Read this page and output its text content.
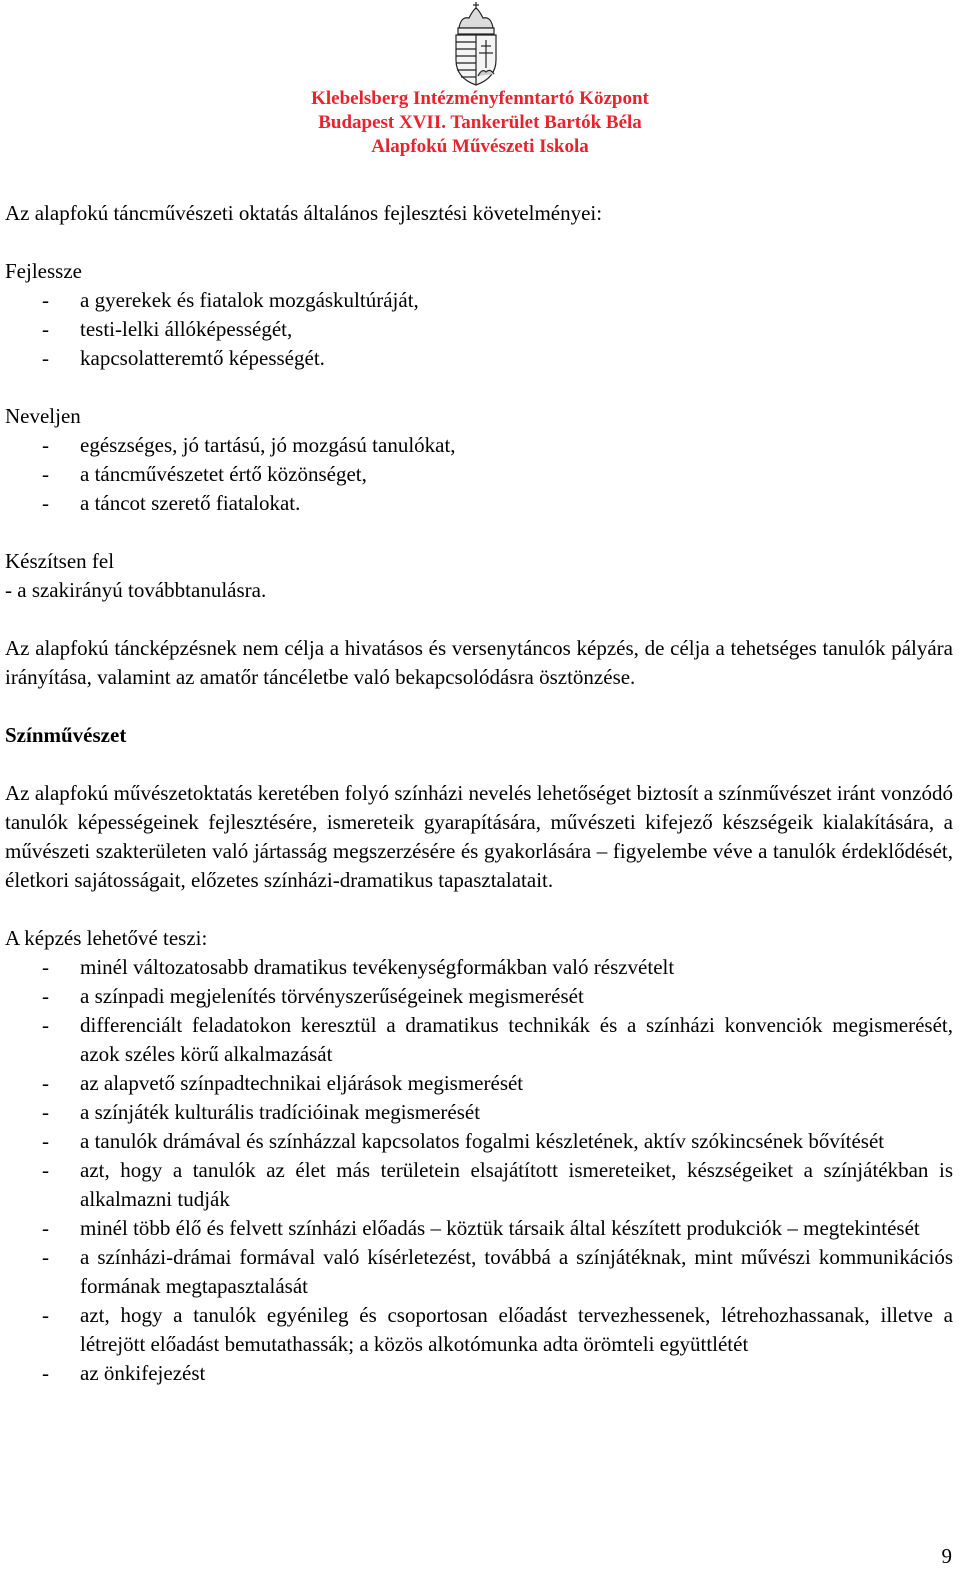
Klebelsberg Intézményfenntartó Központ
Budapest XVII. Tankerület Bartók Béla
Alapfokú Művészeti Iskola

Az alapfokú táncművészeti oktatás általános fejlesztési követelményei:

Fejlessze

- a gyerekek és fiatalok mozgáskultúráját,
- testi-lelki állóképességét,
- kapcsolatteremtő képességét.

Neveljen

- egészséges, jó tartású, jó mozgású tanulókat,
- a táncművészetet értő közönséget,
- a táncot szerető fiatalokat.

Készítsen fel

- a szakirányú továbbtanulásra.

Az alapfokú táncképzésnek nem célja a hivatásos és versenytáncos képzés, de célja a tehetséges tanulók pályára irányítása, valamint az amatőr táncéletbe való bekapcsolódásra ösztönzése.

Színművészet

Az alapfokú művészetoktatás keretében folyó színházi nevelés lehetőséget biztosít a színművészet iránt vonzódó tanulók képességeinek fejlesztésére, ismereteik gyarapítására, művészeti kifejező készségeik kialakítására, a művészeti szakterületen való jártasság megszerzésére és gyakorlására – figyelembe véve a tanulók érdeklődését, életkori sajátosságait, előzetes színházi-dramatikus tapasztalatait.

A képzés lehetővé teszi:

- minél változatosabb dramatikus tevékenységformákban való részvételt
- a színpadi megjelenítés törvényszerűségeinek megismerését
- differenciált feladatokon keresztül a dramatikus technikák és a színházi konvenciók megismerését, azok széles körű alkalmazását
- az alapvető színpadtechnikai eljárások megismerését
- a színjáték kulturális tradícióinak megismerését
- a tanulók drámával és színházzal kapcsolatos fogalmi készletének, aktív szókincsének bővítését
- azt, hogy a tanulók az élet más területein elsajátított ismereteiket, készségeiket a színjátékban is alkalmazni tudják
- minél több élő és felvett színházi előadás – köztük társaik által készített produkciók – megtekintését
- a színházi-drámai formával való kísérletezést, továbbá a színjátéknak, mint művészi kommunikációs formának megtapasztalását
- azt, hogy a tanulók egyénileg és csoportosan előadást tervezhessenek, létrehozhassanak, illetve a létrejött előadást bemutathassák; a közös alkotómunka adta örömteli együttlétét
- az önkifejezést
9
